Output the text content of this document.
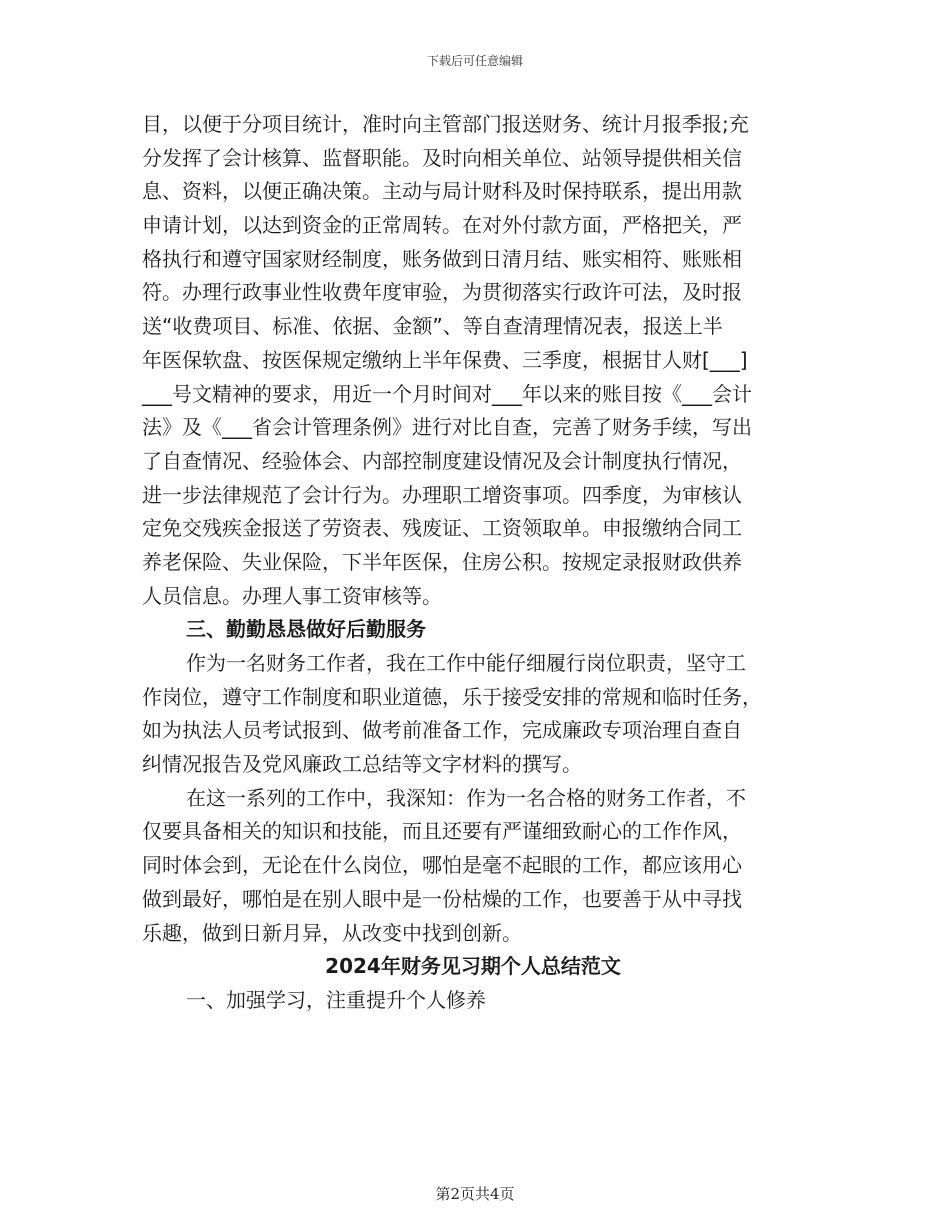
下载后可任意编辑
目，以便于分项目统计，准时向主管部门报送财务、统计月报季报;充
分发挥了会计核算、监督职能。及时向相关单位、站领导提供相关信
息、资料，以便正确决策。主动与局计财科及时保持联系，提出用款
申请计划，以达到资金的正常周转。在对外付款方面，严格把关，严
格执行和遵守国家财经制度，账务做到日清月结、账实相符、账账相
符。办理行政事业性收费年度审验，为贯彻落实行政许可法，及时报
送“收费项目、标准、依据、金额”、等自查清理情况表，报送上半
年医保软盘、按医保规定缴纳上半年保费、三季度，根据甘人财[___]
___号文精神的要求，用近一个月时间对___年以来的账目按《___会计
法》及《___省会计管理条例》进行对比自查，完善了财务手续，写出
了自查情况、经验体会、内部控制度建设情况及会计制度执行情况，
进一步法律规范了会计行为。办理职工增资事项。四季度，为审核认
定免交残疾金报送了劳资表、残废证、工资领取单。申报缴纳合同工
养老保险、失业保险，下半年医保，住房公积。按规定录报财政供养
人员信息。办理人事工资审核等。
三、勤勤恳恳做好后勤服务
作为一名财务工作者，我在工作中能仔细履行岗位职责，坚守工
作岗位，遵守工作制度和职业道德，乐于接受安排的常规和临时任务，
如为执法人员考试报到、做考前准备工作，完成廉政专项治理自查自
纠情况报告及党风廉政工总结等文字材料的撰写。
在这一系列的工作中，我深知：作为一名合格的财务工作者，不
仅要具备相关的知识和技能，而且还要有严谨细致耐心的工作作风，
同时体会到，无论在什么岗位，哪怕是毫不起眼的工作，都应该用心
做到最好，哪怕是在别人眼中是一份枯燥的工作，也要善于从中寻找
乐趣，做到日新月异，从改变中找到创新。
2024年财务见习期个人总结范文
一、加强学习，注重提升个人修养
第2页共4页
